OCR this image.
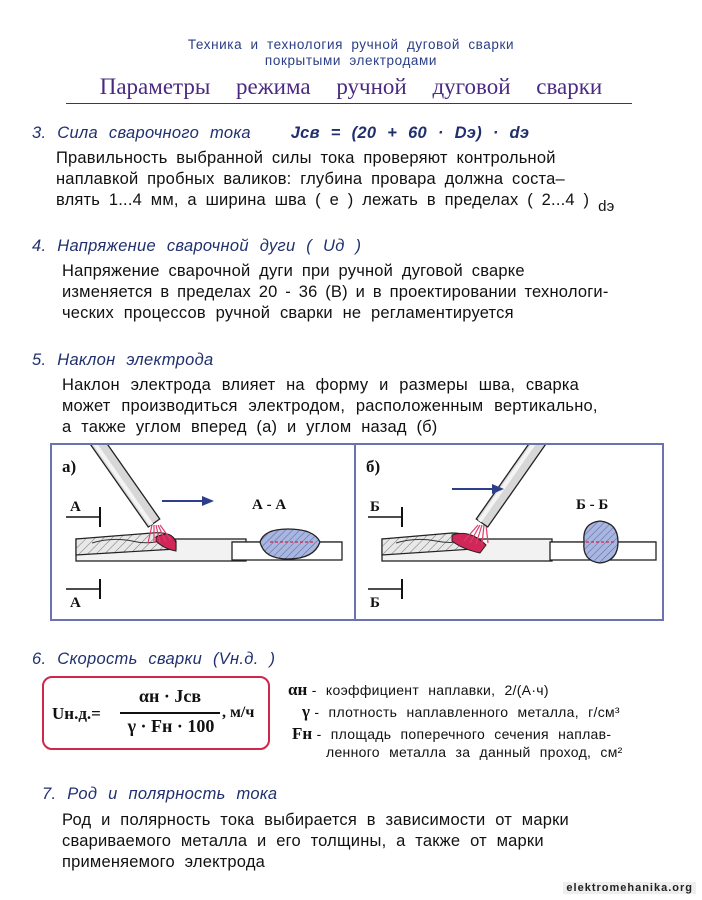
Техника и технология ручной дуговой сварки
покрытыми электродами
Параметры режима ручной дуговой сварки
3. Сила сварочного тока Jсв = (20 + 60 · Dэ) · dэ
Правильность выбранной силы тока проверяют контрольной
наплавкой пробных валиков: глубина провара должна соста–
влять 1...4 мм, а ширина шва ( е ) лежать в пределах ( 2...4 ) dэ
4. Напряжение сварочной дуги ( Uд )
Напряжение сварочной дуги при ручной дуговой сварке
изменяется в пределах 20 - 36 (В) и в проектировании технологи-
ческих процессов ручной сварки не регламентируется
5. Наклон электрода
Наклон электрода влияет на форму и размеры шва, сварка
может производиться электродом, расположенным вертикально,
а также углом вперед (а) и углом назад (б)
а)
А
А
А - А
б)
Б
Б
Б - Б
6. Скорость сварки (Vн.д. )
Uн.д.=
αн · Jсв
γ · Fн · 100
, м/ч
αн - коэффициент наплавки, 2/(А·ч)
γ - плотность наплавленного металла, г/см³
Fн - площадь поперечного сечения наплав-
ленного металла за данный проход, см²
7. Род и полярность тока
Род и полярность тока выбирается в зависимости от марки
свариваемого металла и его толщины, а также от марки
применяемого электрода
elektromehanika.org
